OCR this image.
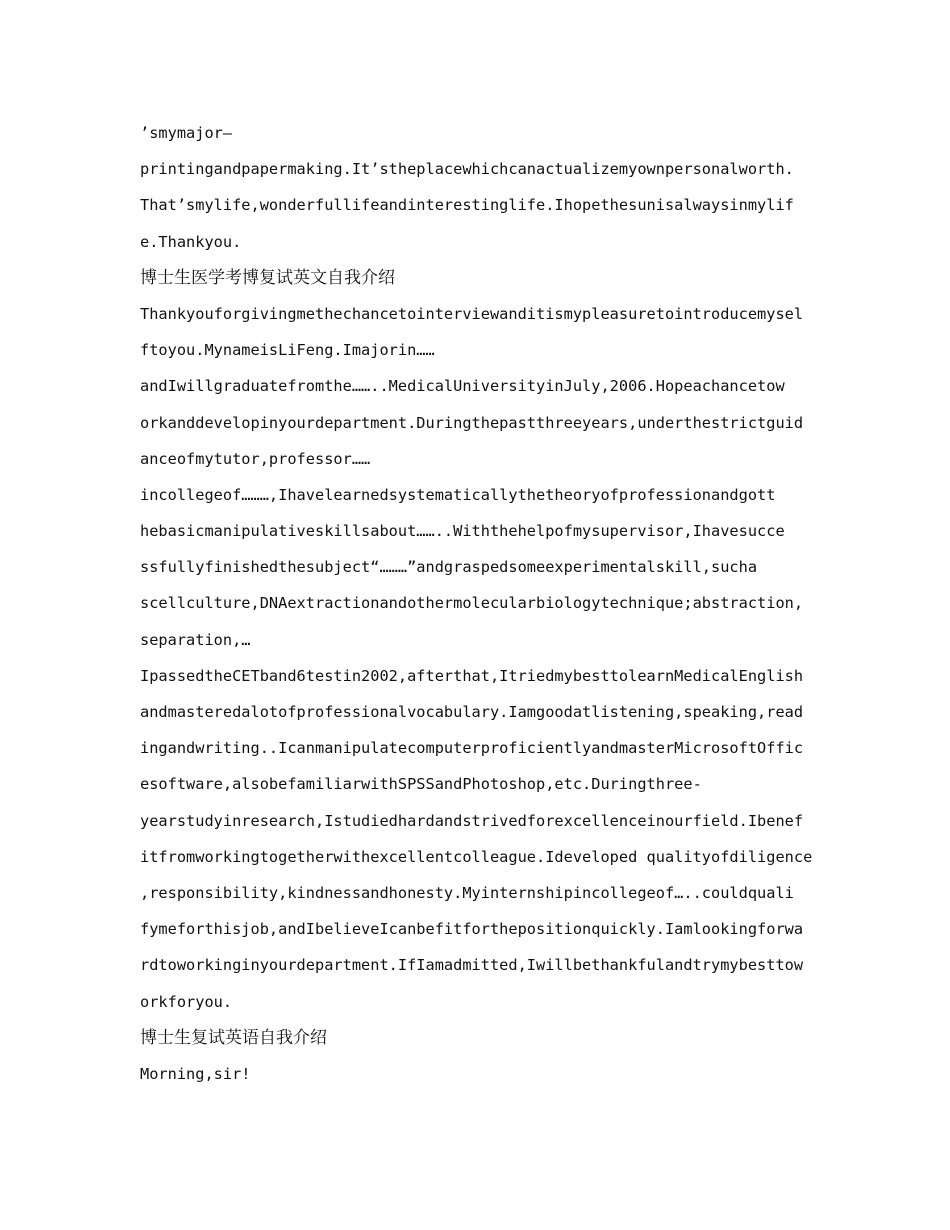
’smymajor—
printingandpapermaking.It’stheplacewhichcanactualizemyownpersonalworth.
That’smylife,wonderfullifeandinterestinglife.Ihopethesunisalwaysinmylif
e.Thankyou.
博士生医学考博复试英文自我介绍
Thankyouforgivingmethechancetointerviewanditismypleasuretointroducemysel
ftoyou.MynameisLiFeng.Imajorin……
andIwillgraduatefromthe……..MedicalUniversityinJuly,2006.Hopeachancetow
orkanddevelopinyourdepartment.Duringthepastthreeyears,underthestrictguid
anceofmytutor,professor……
incollegeof………,Ihavelearnedsystematicallythetheoryofprofessionandgott
hebasicmanipulativeskillsabout……..Withthehelpofmysupervisor,Ihavesucce
ssfullyfinishedthesubject“………”andgraspedsomeexperimentalskill,sucha
scellculture,DNAextractionandothermolecularbiologytechnique;abstraction,
separation,…
IpassedtheCETband6testin2002,afterthat,ItriedmybesttolearnMedicalEnglish
andmasteredalotofprofessionalvocabulary.Iamgoodatlistening,speaking,read
ingandwriting..IcanmanipulatecomputerproficientlyandmasterMicrosoftOffic
esoftware,alsobefamiliarwithSPSSandPhotoshop,etc.Duringthree-
yearstudyinresearch,Istudiedhardandstrivedforexcellenceinourfield.Ibenef
itfromworkingtogetherwithexcellentcolleague.Ideveloped qualityofdiligence
,responsibility,kindnessandhonesty.Myinternshipincollegeof…..couldquali
fymeforthisjob,andIbelieveIcanbefitforthepositionquickly.Iamlookingforwa
rdtoworkinginyourdepartment.IfIamadmitted,Iwillbethankfulandtrymybesttow
orkforyou.
博士生复试英语自我介绍
Morning,sir!
